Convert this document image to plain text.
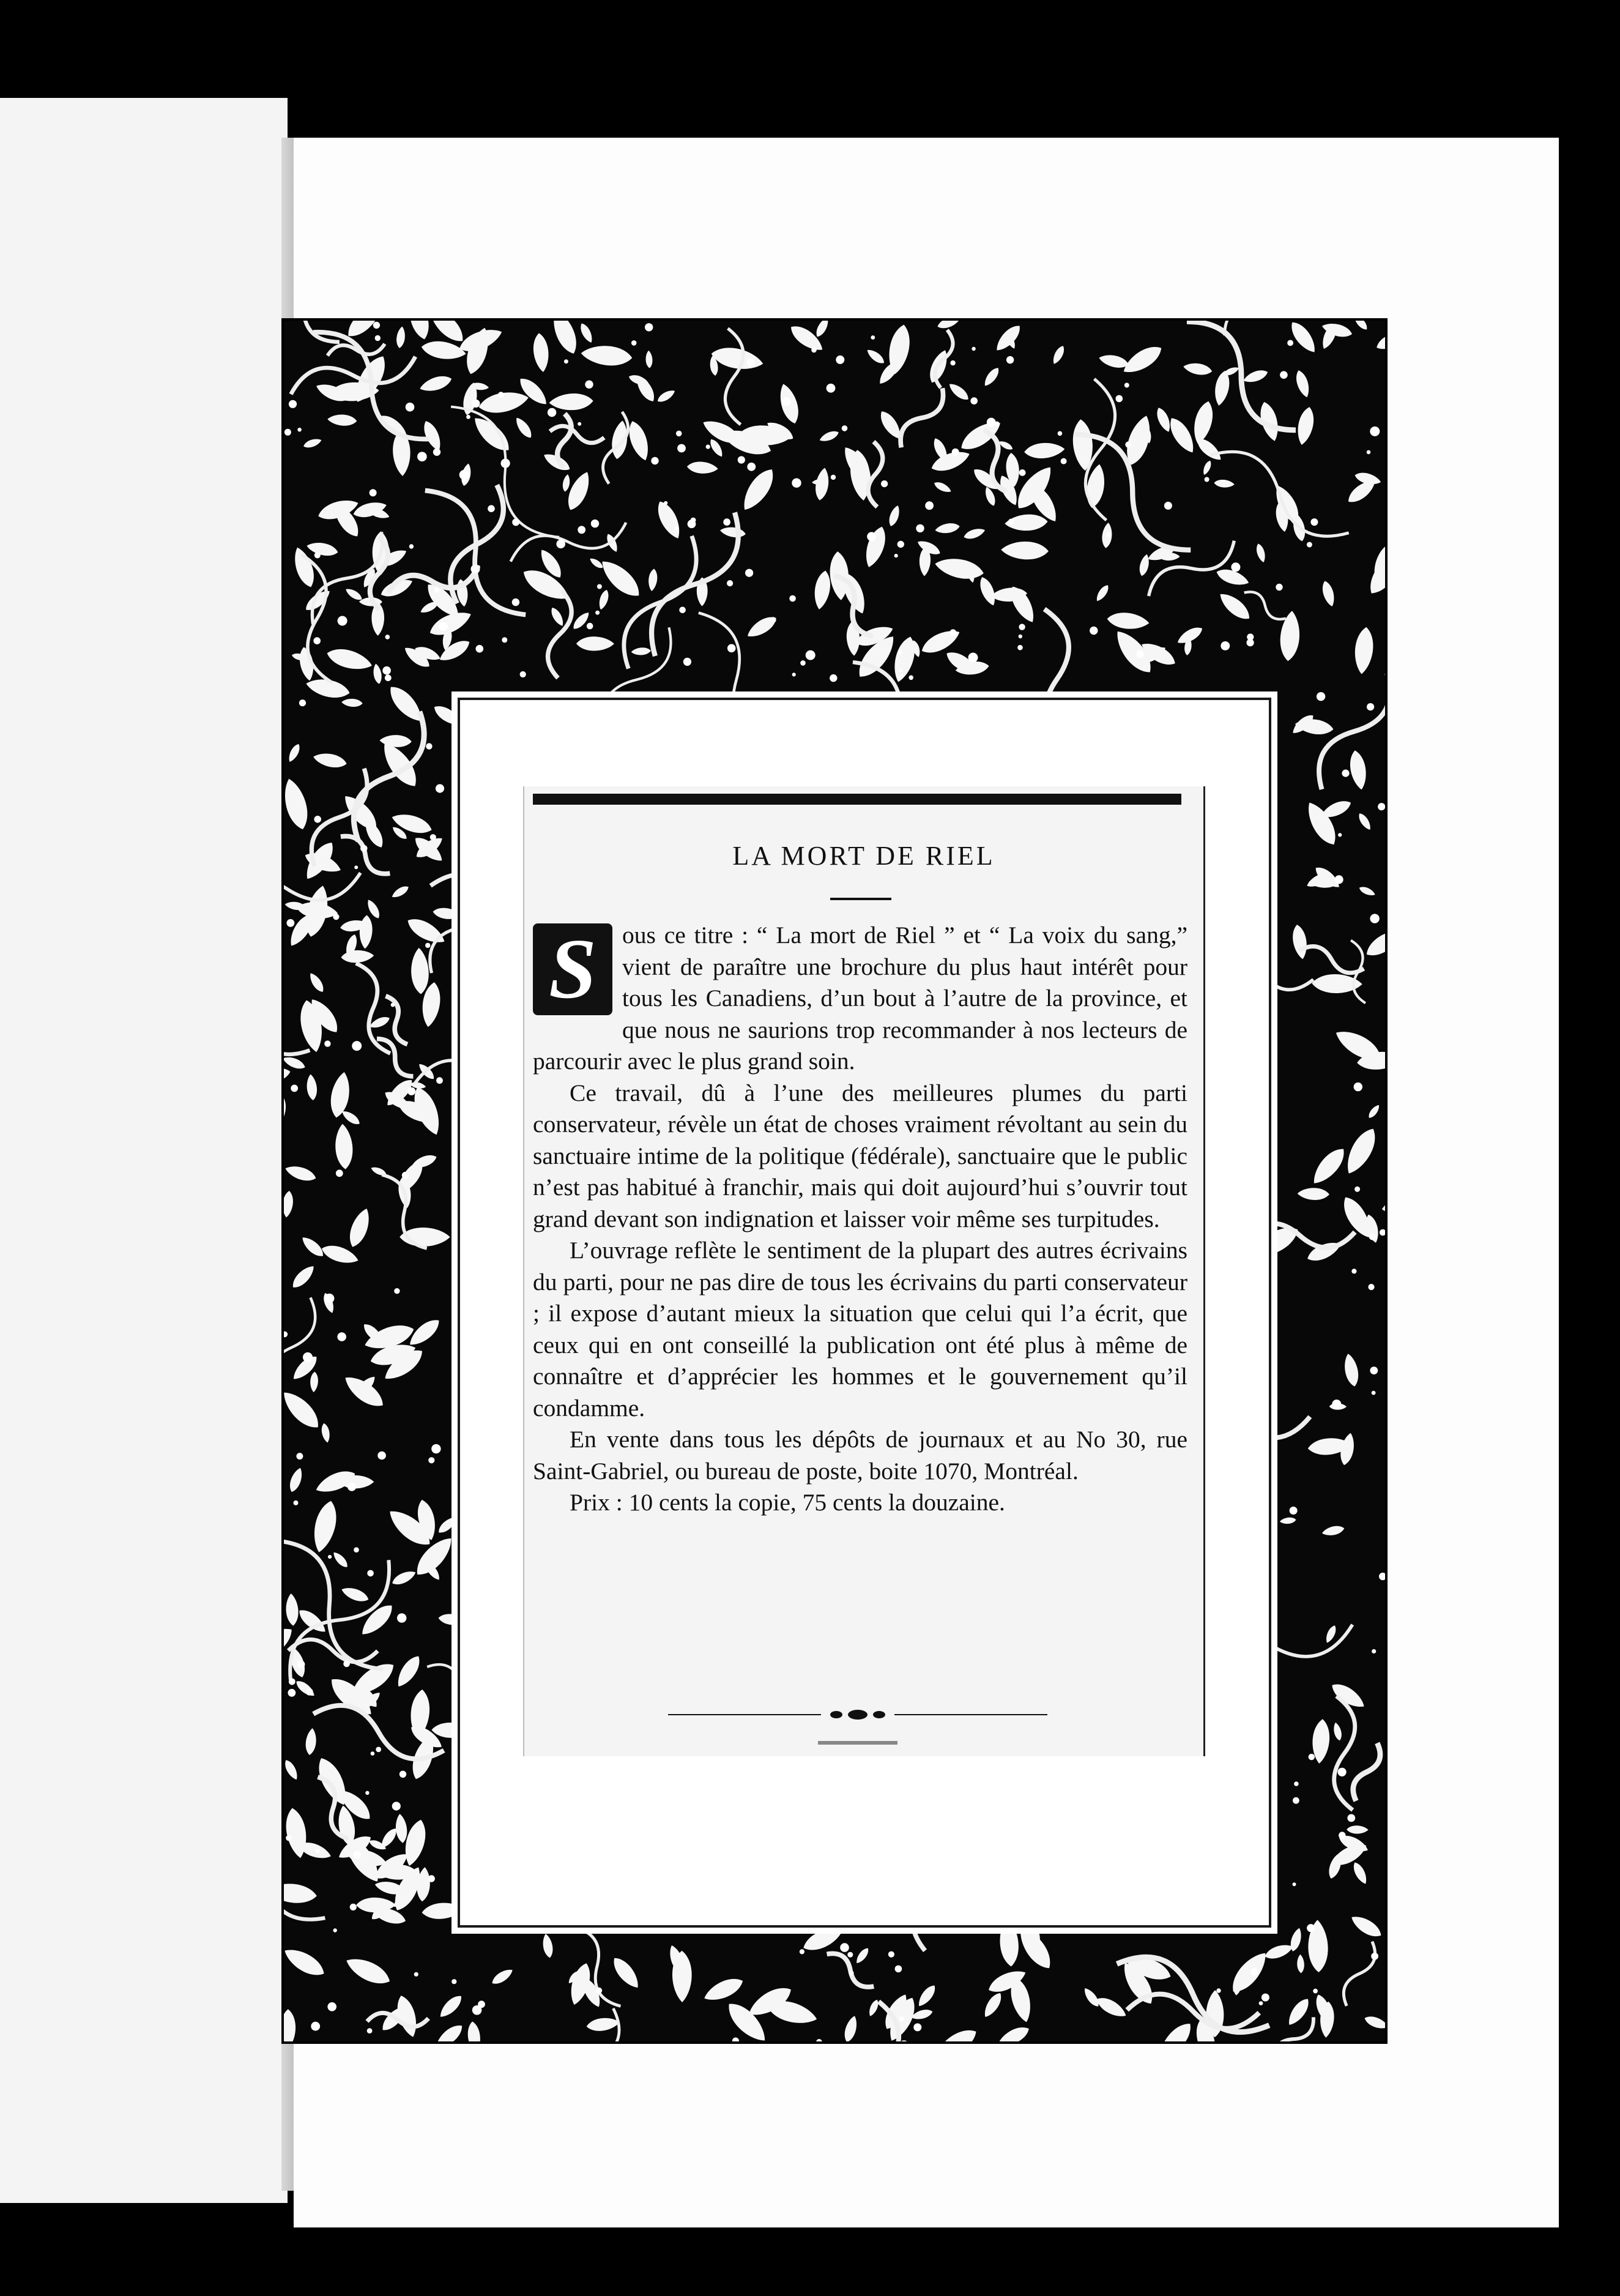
LA MORT DE RIEL

S	ous ce titre : “ La mort de Riel ” et “ La voix du sang,” vient de paraître une brochure du plus haut intérêt pour tous les Canadiens, d’un bout à l’autre de la province, et que nous ne saurions trop recommander à nos lecteurs de parcourir avec le plus grand soin.

Ce travail, dû à l’une des meilleures plumes du parti conservateur, révèle un état de choses vraiment révoltant au sein du sanctuaire intime de la politique (fédérale), sanctuaire que le public n’est pas habitué à franchir, mais qui doit aujourd’hui s’ouvrir tout grand devant son indignation et laisser voir même ses turpitudes.

L’ouvrage reflète le sentiment de la plupart des autres écrivains du parti, pour ne pas dire de tous les écrivains du parti conservateur ; il expose d’autant mieux la situation que celui qui l’a écrit, que ceux qui en ont conseillé la publication ont été plus à même de connaître et d’apprécier les hommes et le gouvernement qu’il condamme.

En vente dans tous les dépôts de journaux et au No 30, rue Saint-Gabriel, ou bureau de poste, boite 1070, Montréal.

Prix : 10 cents la copie, 75 cents la douzaine.
